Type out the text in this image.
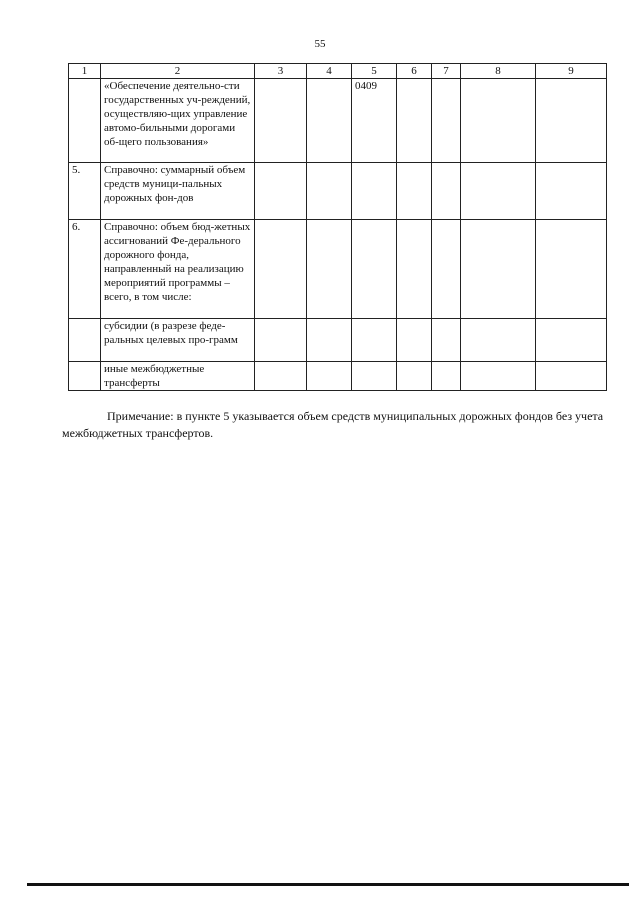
55
1	2	3	4	5	6	7	8	9
	«Обеспечение деятельно-сти государственных уч-реждений, осуществляю-щих управление автомо-бильными дорогами об-щего пользования»			0409				
5.	Справочно: суммарный объем средств муници-пальных дорожных фон-дов							
6.	Справочно: объем бюд-жетных ассигнований Фе-дерального дорожного фонда, направленный на реализацию мероприятий программы – всего, в том числе:							
	субсидии (в разрезе феде-ральных целевых про-грамм							
	иные межбюджетные трансферты							
Примечание: в пункте 5 указывается объем средств муниципальных дорожных фондов без учета межбюджетных трансфертов.
